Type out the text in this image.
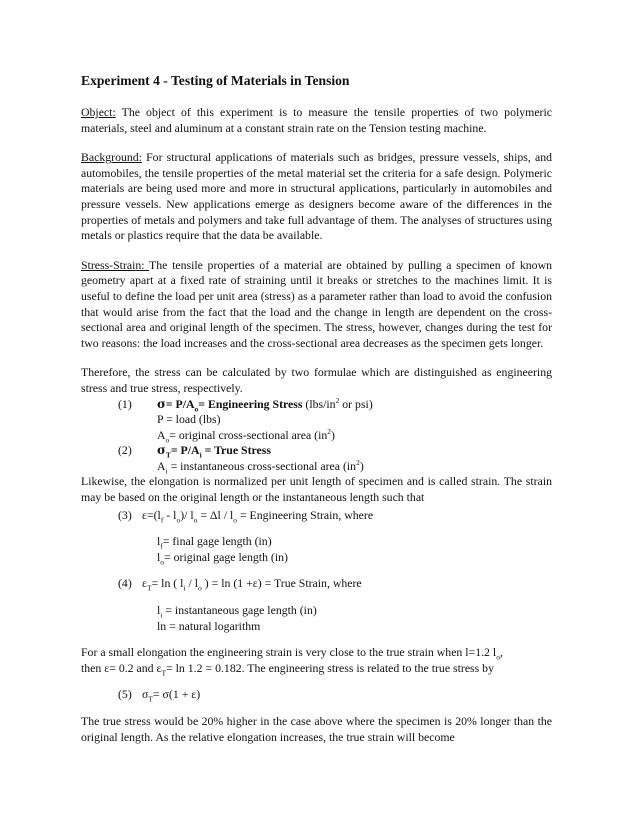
Experiment 4 - Testing of Materials in Tension

Object: The object of this experiment is to measure the tensile properties of two polymeric materials, steel and aluminum at a constant strain rate on the Tension testing machine.

Background: For structural applications of materials such as bridges, pressure vessels, ships, and automobiles, the tensile properties of the metal material set the criteria for a safe design. Polymeric materials are being used more and more in structural applications, particularly in automobiles and pressure vessels. New applications emerge as designers become aware of the differences in the properties of metals and polymers and take full advantage of them. The analyses of structures using metals or plastics require that the data be available.

Stress-Strain: The tensile properties of a material are obtained by pulling a specimen of known geometry apart at a fixed rate of straining until it breaks or stretches to the machines limit. It is useful to define the load per unit area (stress) as a parameter rather than load to avoid the confusion that would arise from the fact that the load and the change in length are dependent on the cross-sectional area and original length of the specimen. The stress, however, changes during the test for two reasons: the load increases and the cross-sectional area decreases as the specimen gets longer.

Therefore, the stress can be calculated by two formulae which are distinguished as engineering stress and true stress, respectively.

(1) $\sigma= P/A_o=$ Engineering Stress ($lbs/in^2$ or psi)
P = load (lbs)
$A_o=$ original cross-sectional area $(in^2)$
(2) $\sigma_T= P/A_i$ = True Stress
$A_i$ = instantaneous cross-sectional area $(in^2)$

Likewise, the elongation is normalized per unit length of specimen and is called strain. The strain may be based on the original length or the instantaneous length such that

(3) $\varepsilon=(l_f - l_o)/$ $l_o = \Delta l / l_o$ = Engineering Strain, where
$l_f=$ final gage length (in)
$l_o=$ original gage length (in)
(4) $\varepsilon_T= \ln$ ( $l_i / l_o$ ) = ln (1 +ε) = True Strain, where
$l_i$ = instantaneous gage length (in)
ln = natural logarithm
For a small elongation the engineering strain is very close to the true strain when l=1.2 $l_o$,
then ε= 0.2 and $\varepsilon_T= \ln 1.2 = 0.182$. The engineering stress is related to the true stress by
(5) $\sigma_T= \sigma(1 + \varepsilon)$

The true stress would be 20% higher in the case above where the specimen is 20% longer than the original length. As the relative elongation increases, the true strain will become
